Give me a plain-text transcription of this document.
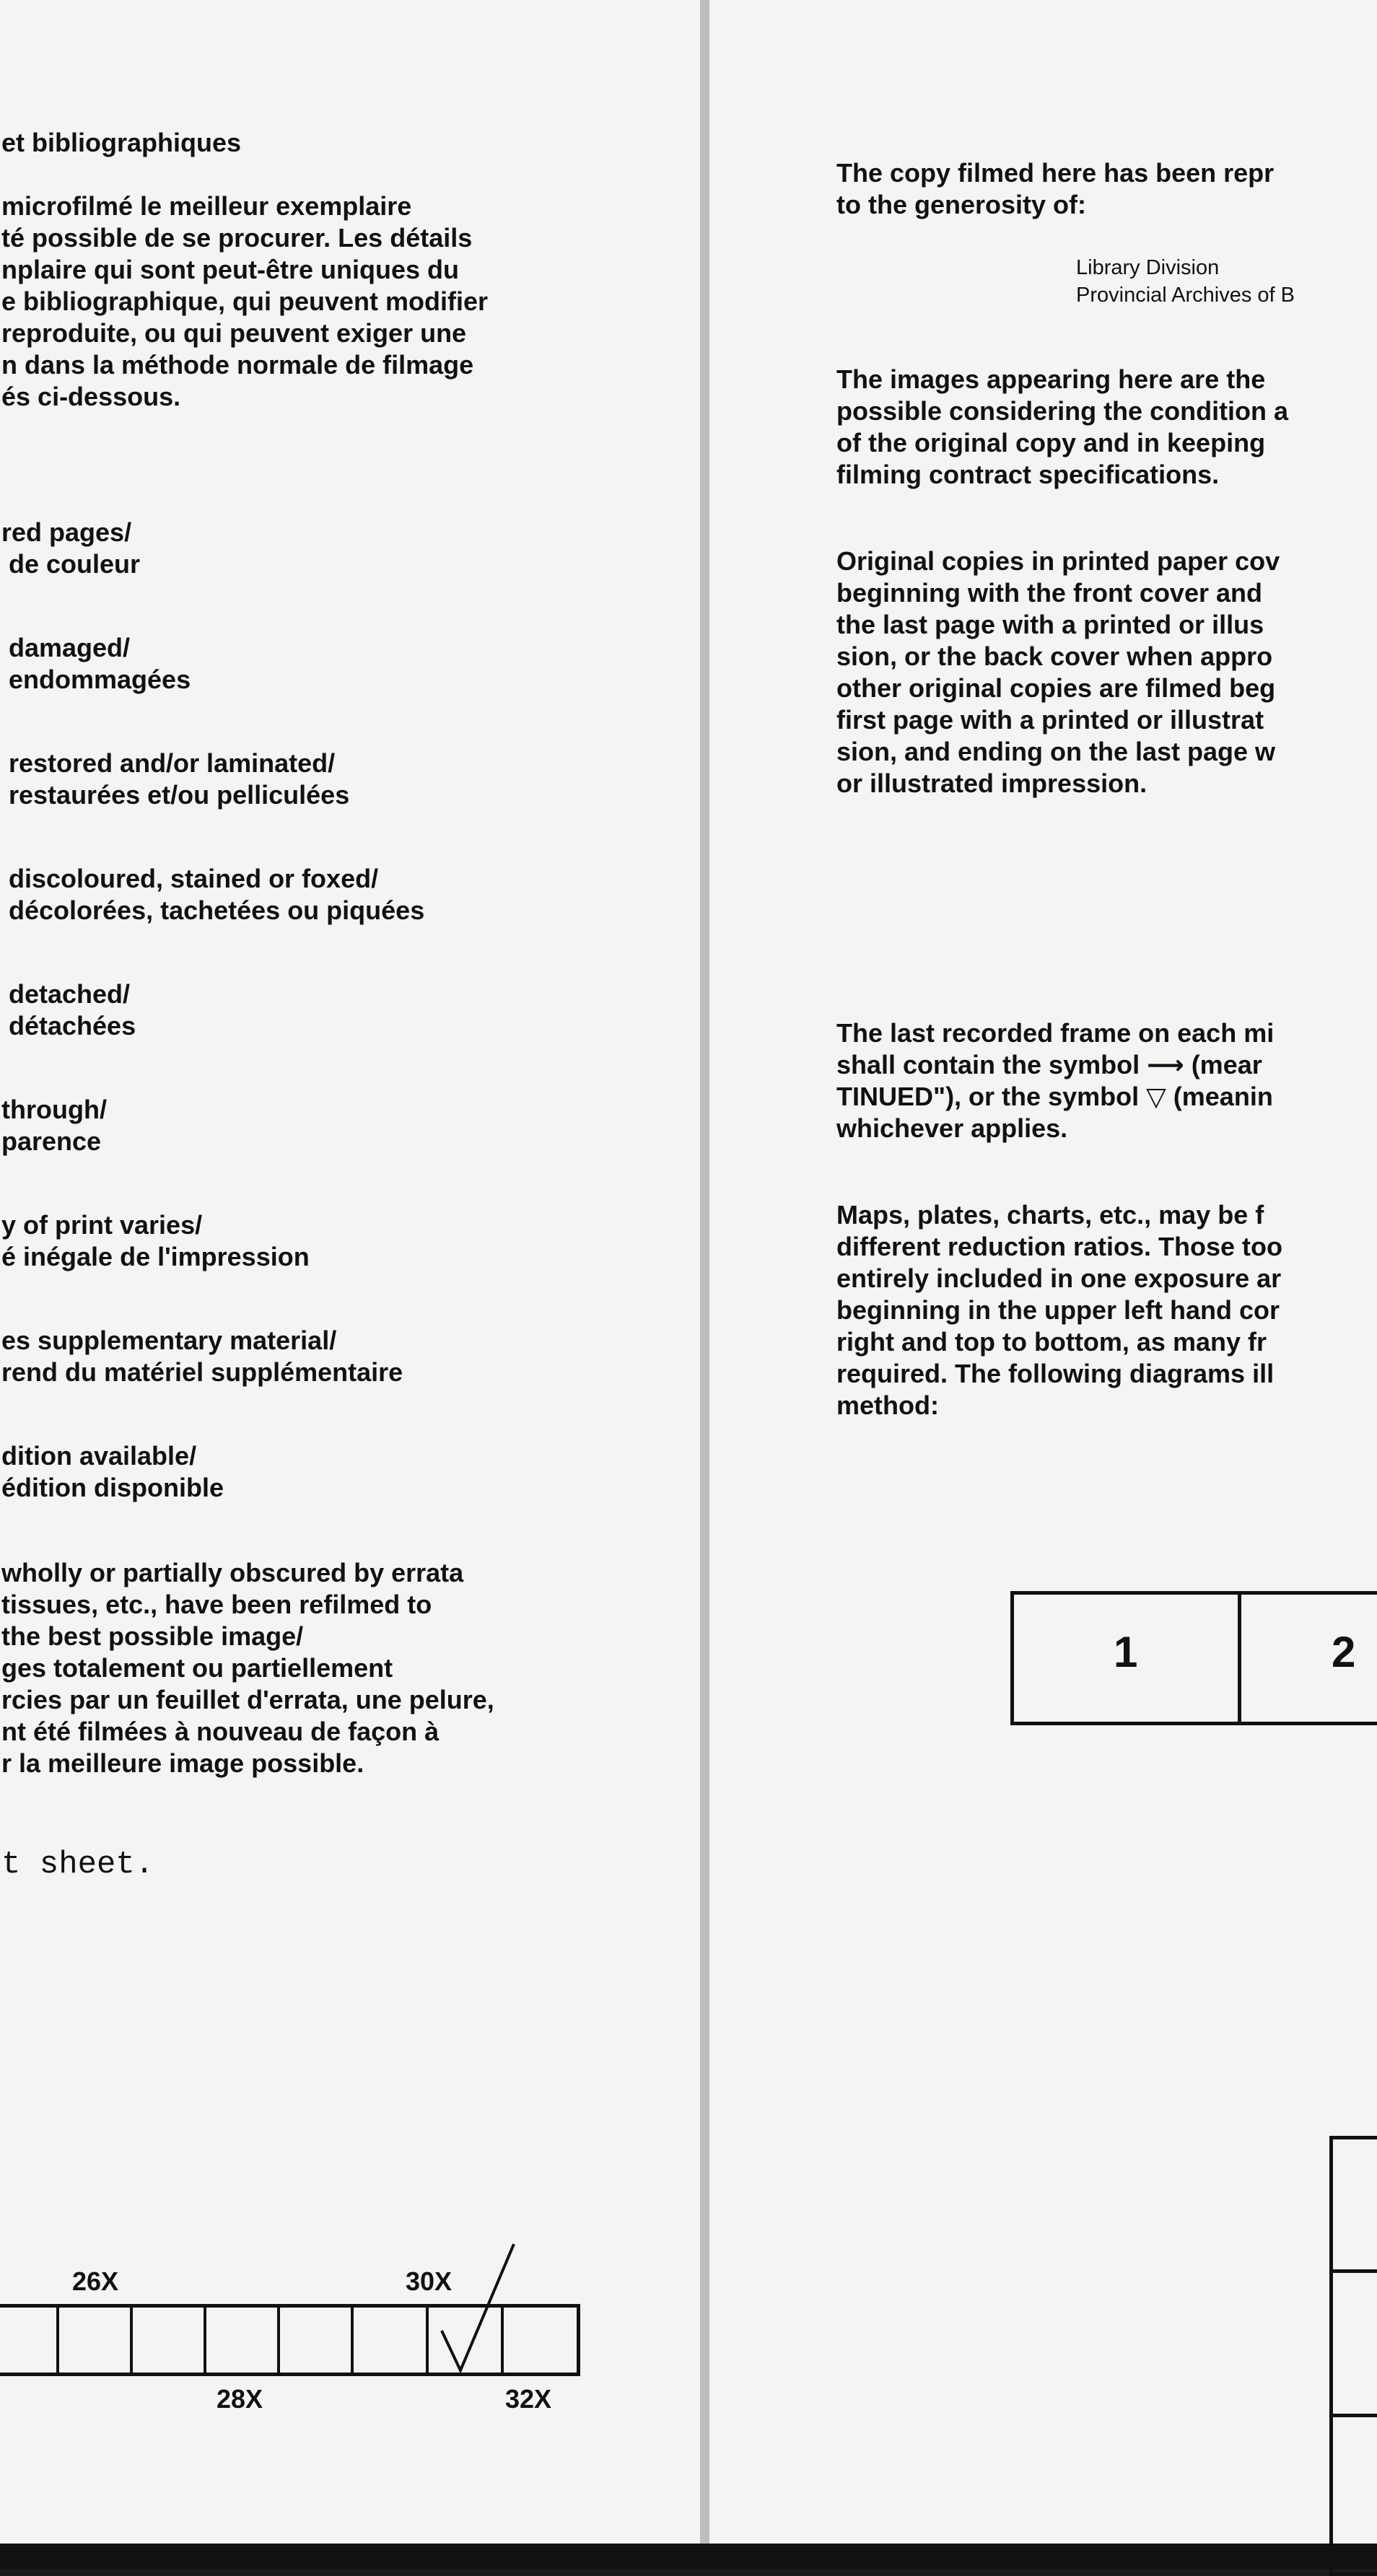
et bibliographiques

microfilmé le meilleur exemplaire

té possible de se procurer. Les détails

nplaire qui sont peut-être uniques du

e bibliographique, qui peuvent modifier

reproduite, ou qui peuvent exiger une

n dans la méthode normale de filmage

és ci-dessous.

red pages/

de couleur

damaged/

endommagées

restored and/or laminated/

restaurées et/ou pelliculées

discoloured, stained or foxed/

décolorées, tachetées ou piquées

detached/

détachées

through/

parence

y of print varies/

é inégale de l'impression

es supplementary material/

rend du matériel supplémentaire

dition available/

édition disponible

wholly or partially obscured by errata

tissues, etc., have been refilmed to

the best possible image/

ges totalement ou partiellement

rcies par un feuillet d'errata, une pelure,

nt été filmées à nouveau de façon à

r la meilleure image possible.

t sheet.
26X	30X
28X	32X

The copy filmed here has been repr

to the generosity of:

Library Division

Provincial Archives of B

The images appearing here are the

possible considering the condition a

of the original copy and in keeping

filming contract specifications.

Original copies in printed paper cov

beginning with the front cover and

the last page with a printed or illus

sion, or the back cover when appro

other original copies are filmed beg

first page with a printed or illustrat

sion, and ending on the last page w

or illustrated impression.

The last recorded frame on each mi

shall contain the symbol ⟶ (mear

TINUED"), or the symbol ▽ (meanin

whichever applies.

Maps, plates, charts, etc., may be f

different reduction ratios. Those too

entirely included in one exposure ar

beginning in the upper left hand cor

right and top to bottom, as many fr

required. The following diagrams ill

method:

1	2
